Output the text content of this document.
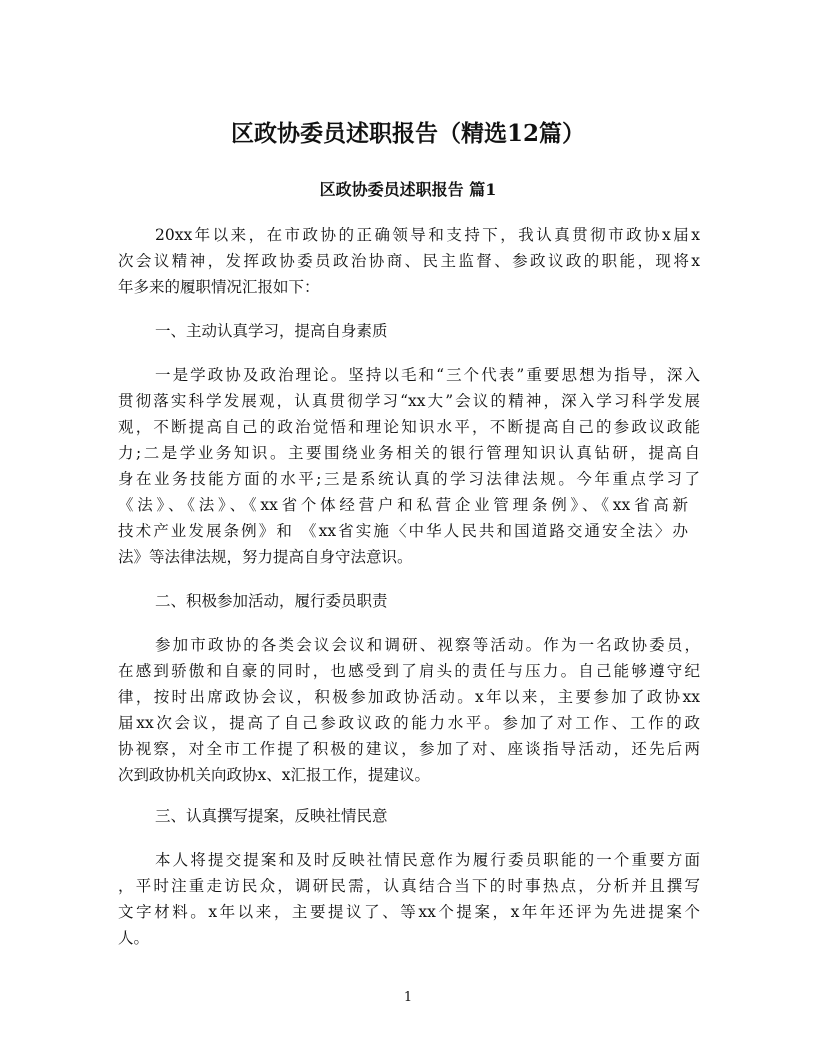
区政协委员述职报告（精选12篇）
区政协委员述职报告 篇1
20xx年以来，在市政协的正确领导和支持下，我认真贯彻市政协x届x
次会议精神，发挥政协委员政治协商、民主监督、参政议政的职能，现将x
年多来的履职情况汇报如下：
一、主动认真学习，提高自身素质
一是学政协及政治理论。坚持以毛和“三个代表”重要思想为指导，深入
贯彻落实科学发展观，认真贯彻学习“xx大”会议的精神，深入学习科学发展
观，不断提高自己的政治觉悟和理论知识水平，不断提高自己的参政议政能
力;二是学业务知识。主要围绕业务相关的银行管理知识认真钻研，提高自
身在业务技能方面的水平;三是系统认真的学习法律法规。今年重点学习了
《法》、《法》、《xx省个体经营户和私营企业管理条例》、《xx省高新
技术产业发展条例》和 《xx省实施〈中华人民共和国道路交通安全法〉办
法》等法律法规，努力提高自身守法意识。
二、积极参加活动，履行委员职责
参加市政协的各类会议会议和调研、视察等活动。作为一名政协委员，
在感到骄傲和自豪的同时，也感受到了肩头的责任与压力。自己能够遵守纪
律，按时出席政协会议，积极参加政协活动。x年以来，主要参加了政协xx
届xx次会议，提高了自己参政议政的能力水平。参加了对工作、工作的政
协视察，对全市工作提了积极的建议，参加了对、座谈指导活动，还先后两
次到政协机关向政协x、x汇报工作，提建议。
三、认真撰写提案，反映社情民意
本人将提交提案和及时反映社情民意作为履行委员职能的一个重要方面
，平时注重走访民众，调研民需，认真结合当下的时事热点，分析并且撰写
文字材料。x年以来，主要提议了、等xx个提案，x年年还评为先进提案个
人。
1
